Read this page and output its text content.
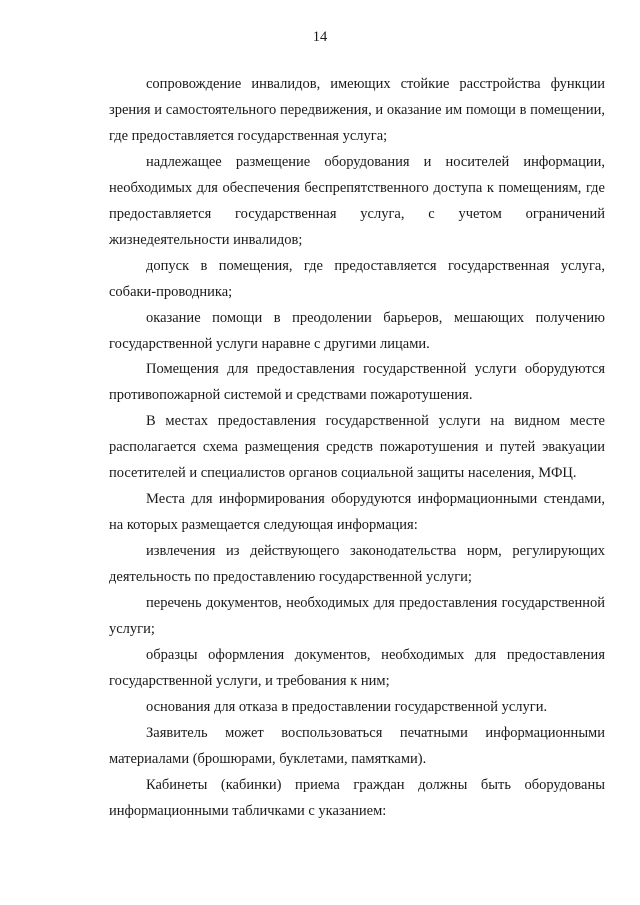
14

сопровождение инвалидов, имеющих стойкие расстройства функции зрения и самостоятельного передвижения, и оказание им помощи в помещении, где предоставляется государственная услуга;

надлежащее размещение оборудования и носителей информации, необходимых для обеспечения беспрепятственного доступа к помещениям, где предоставляется государственная услуга, с учетом ограничений жизнедеятельности инвалидов;

допуск в помещения, где предоставляется государственная услуга, собаки-проводника;

оказание помощи в преодолении барьеров, мешающих получению государственной услуги наравне с другими лицами.

Помещения для предоставления государственной услуги оборудуются противопожарной системой и средствами пожаротушения.

В местах предоставления государственной услуги на видном месте располагается схема размещения средств пожаротушения и путей эвакуации посетителей и специалистов органов социальной защиты населения, МФЦ.

Места для информирования оборудуются информационными стендами, на которых размещается следующая информация:

извлечения из действующего законодательства норм, регулирующих деятельность по предоставлению государственной услуги;

перечень документов, необходимых для предоставления государственной услуги;

образцы оформления документов, необходимых для предоставления государственной услуги, и требования к ним;

основания для отказа в предоставлении государственной услуги.

Заявитель может воспользоваться печатными информационными материалами (брошюрами, буклетами, памятками).

Кабинеты (кабинки) приема граждан должны быть оборудованы информационными табличками с указанием:
